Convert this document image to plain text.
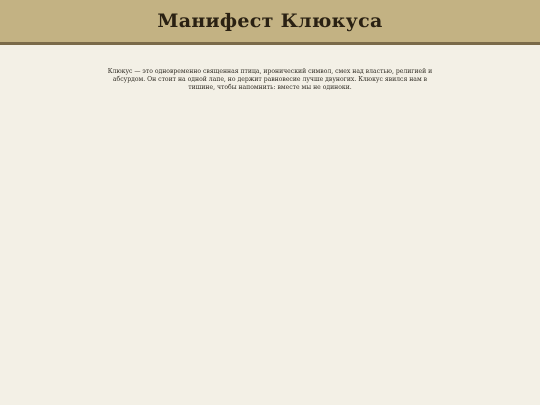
Манифест Клюкуса

Клюкус — это одновременно священная птица, иронический символ, смех над властью, религией и абсурдом. Он стоит на одной лапе, но держит равновесие лучше двуногих. Клюкус явился нам в тишине, чтобы напомнить: вместе мы не одиноки.
